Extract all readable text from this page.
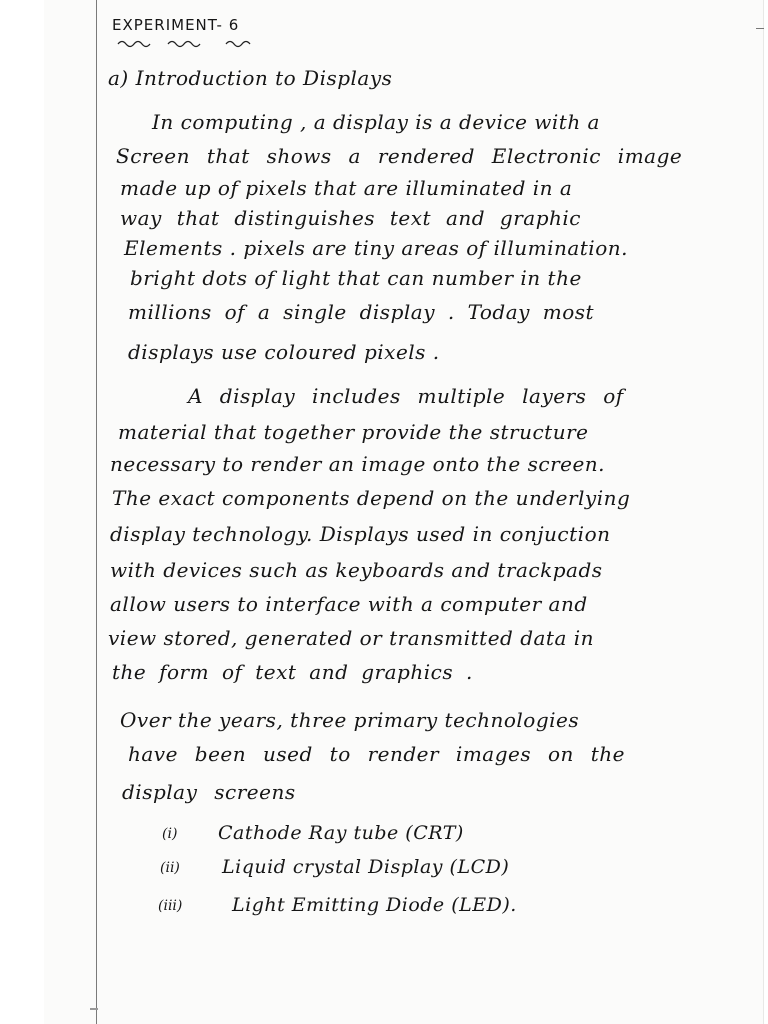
EXPERIMENT- 6
a) Introduction to Displays
In computing , a display is a device with a
Screen that shows a rendered Electronic image
made up of pixels that are illuminated in a
way that distinguishes text and graphic
Elements . pixels are tiny areas of illumination.
bright dots of light that can number in the
millions of a single display . Today most
displays use coloured pixels .
A display includes multiple layers of
material that together provide the structure
necessary to render an image onto the screen.
The exact components depend on the underlying
display technology. Displays used in conjuction
with devices such as keyboards and trackpads
allow users to interface with a computer and
view stored, generated or transmitted data in
the form of text and graphics .
Over the years, three primary technologies
have been used to render images on the
display screens
(i) Cathode Ray tube (CRT)
(ii) Liquid crystal Display (LCD)
(iii)	Light Emitting Diode (LED).
